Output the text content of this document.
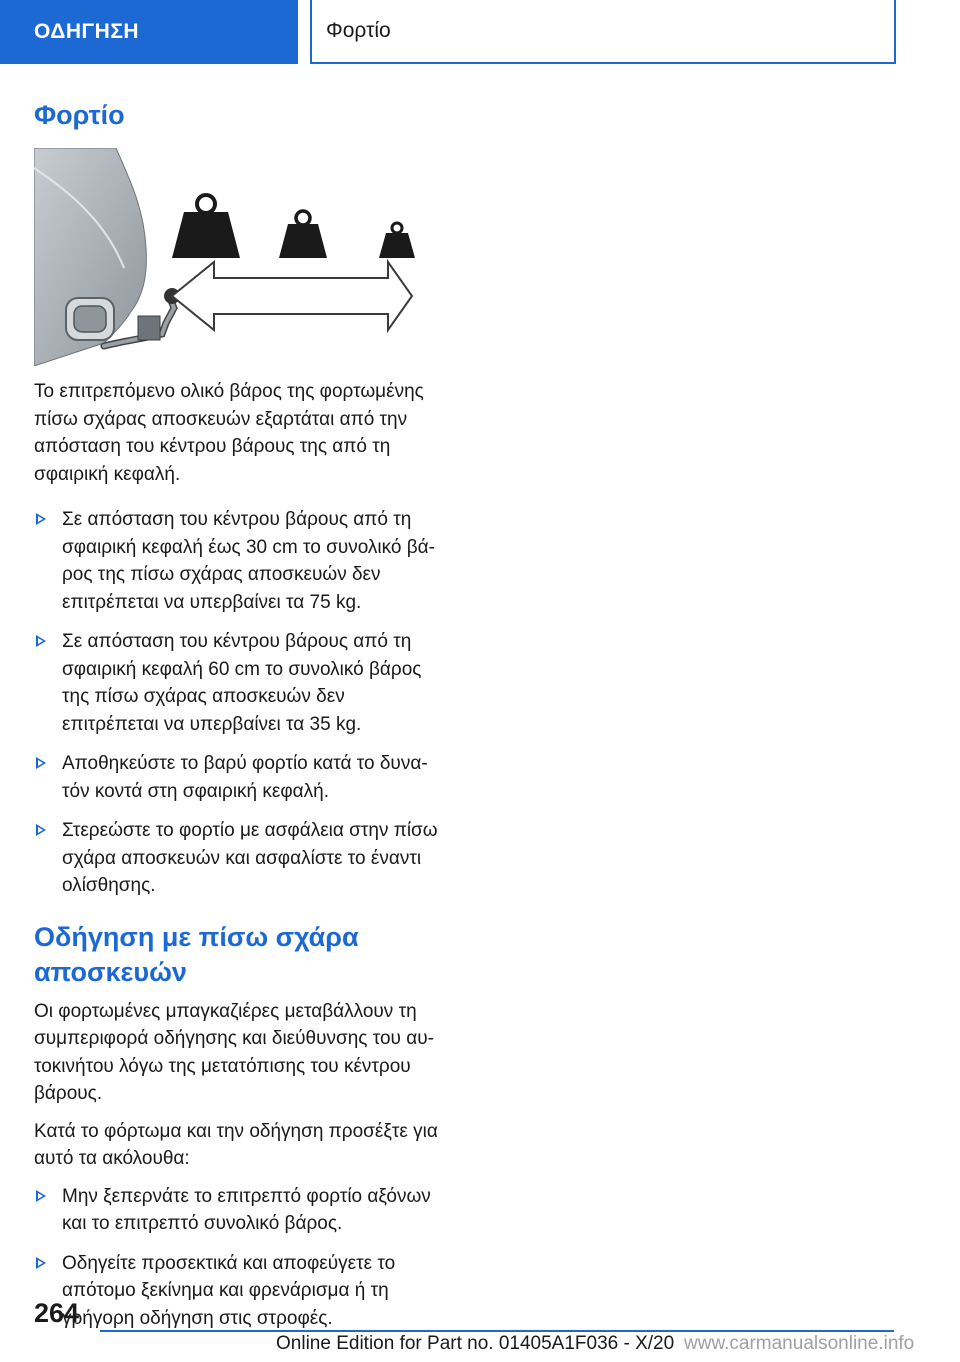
ΟΔΗΓΗΣΗ	Φορτίο
Φορτίο

Το επιτρεπόμενο ολικό βάρος της φορτωμένης πίσω σχάρας αποσκευών εξαρτάται από την απόσταση του κέντρου βάρους της από τη σφαιρική κεφαλή.

Σε απόσταση του κέντρου βάρους από τη σφαιρική κεφαλή έως 30 cm το συνολικό βάρος της πίσω σχάρας αποσκευών δεν επιτρέπεται να υπερβαίνει τα 75 kg.
Σε απόσταση του κέντρου βάρους από τη σφαιρική κεφαλή 60 cm το συνολικό βάρος της πίσω σχάρας αποσκευών δεν επιτρέπεται να υπερβαίνει τα 35 kg.
Αποθηκεύστε το βαρύ φορτίο κατά το δυνατόν κοντά στη σφαιρική κεφαλή.
Στερεώστε το φορτίο με ασφάλεια στην πίσω σχάρα αποσκευών και ασφαλίστε το έναντι ολίσθησης.
Οδήγηση με πίσω σχάρα αποσκευών

Οι φορτωμένες μπαγκαζιέρες μεταβάλλουν τη συμπεριφορά οδήγησης και διεύθυνσης του αυτοκινήτου λόγω της μετατόπισης του κέντρου βάρους.

Κατά το φόρτωμα και την οδήγηση προσέξτε για αυτό τα ακόλουθα:

Μην ξεπερνάτε το επιτρεπτό φορτίο αξόνων και το επιτρεπτό συνολικό βάρος.
Οδηγείτε προσεκτικά και αποφεύγετε το απότομο ξεκίνημα και φρενάρισμα ή τη γρήγορη οδήγηση στις στροφές.
264
Online Edition for Part no. 01405A1F036 - X/20 www.carmanualsonline.info
